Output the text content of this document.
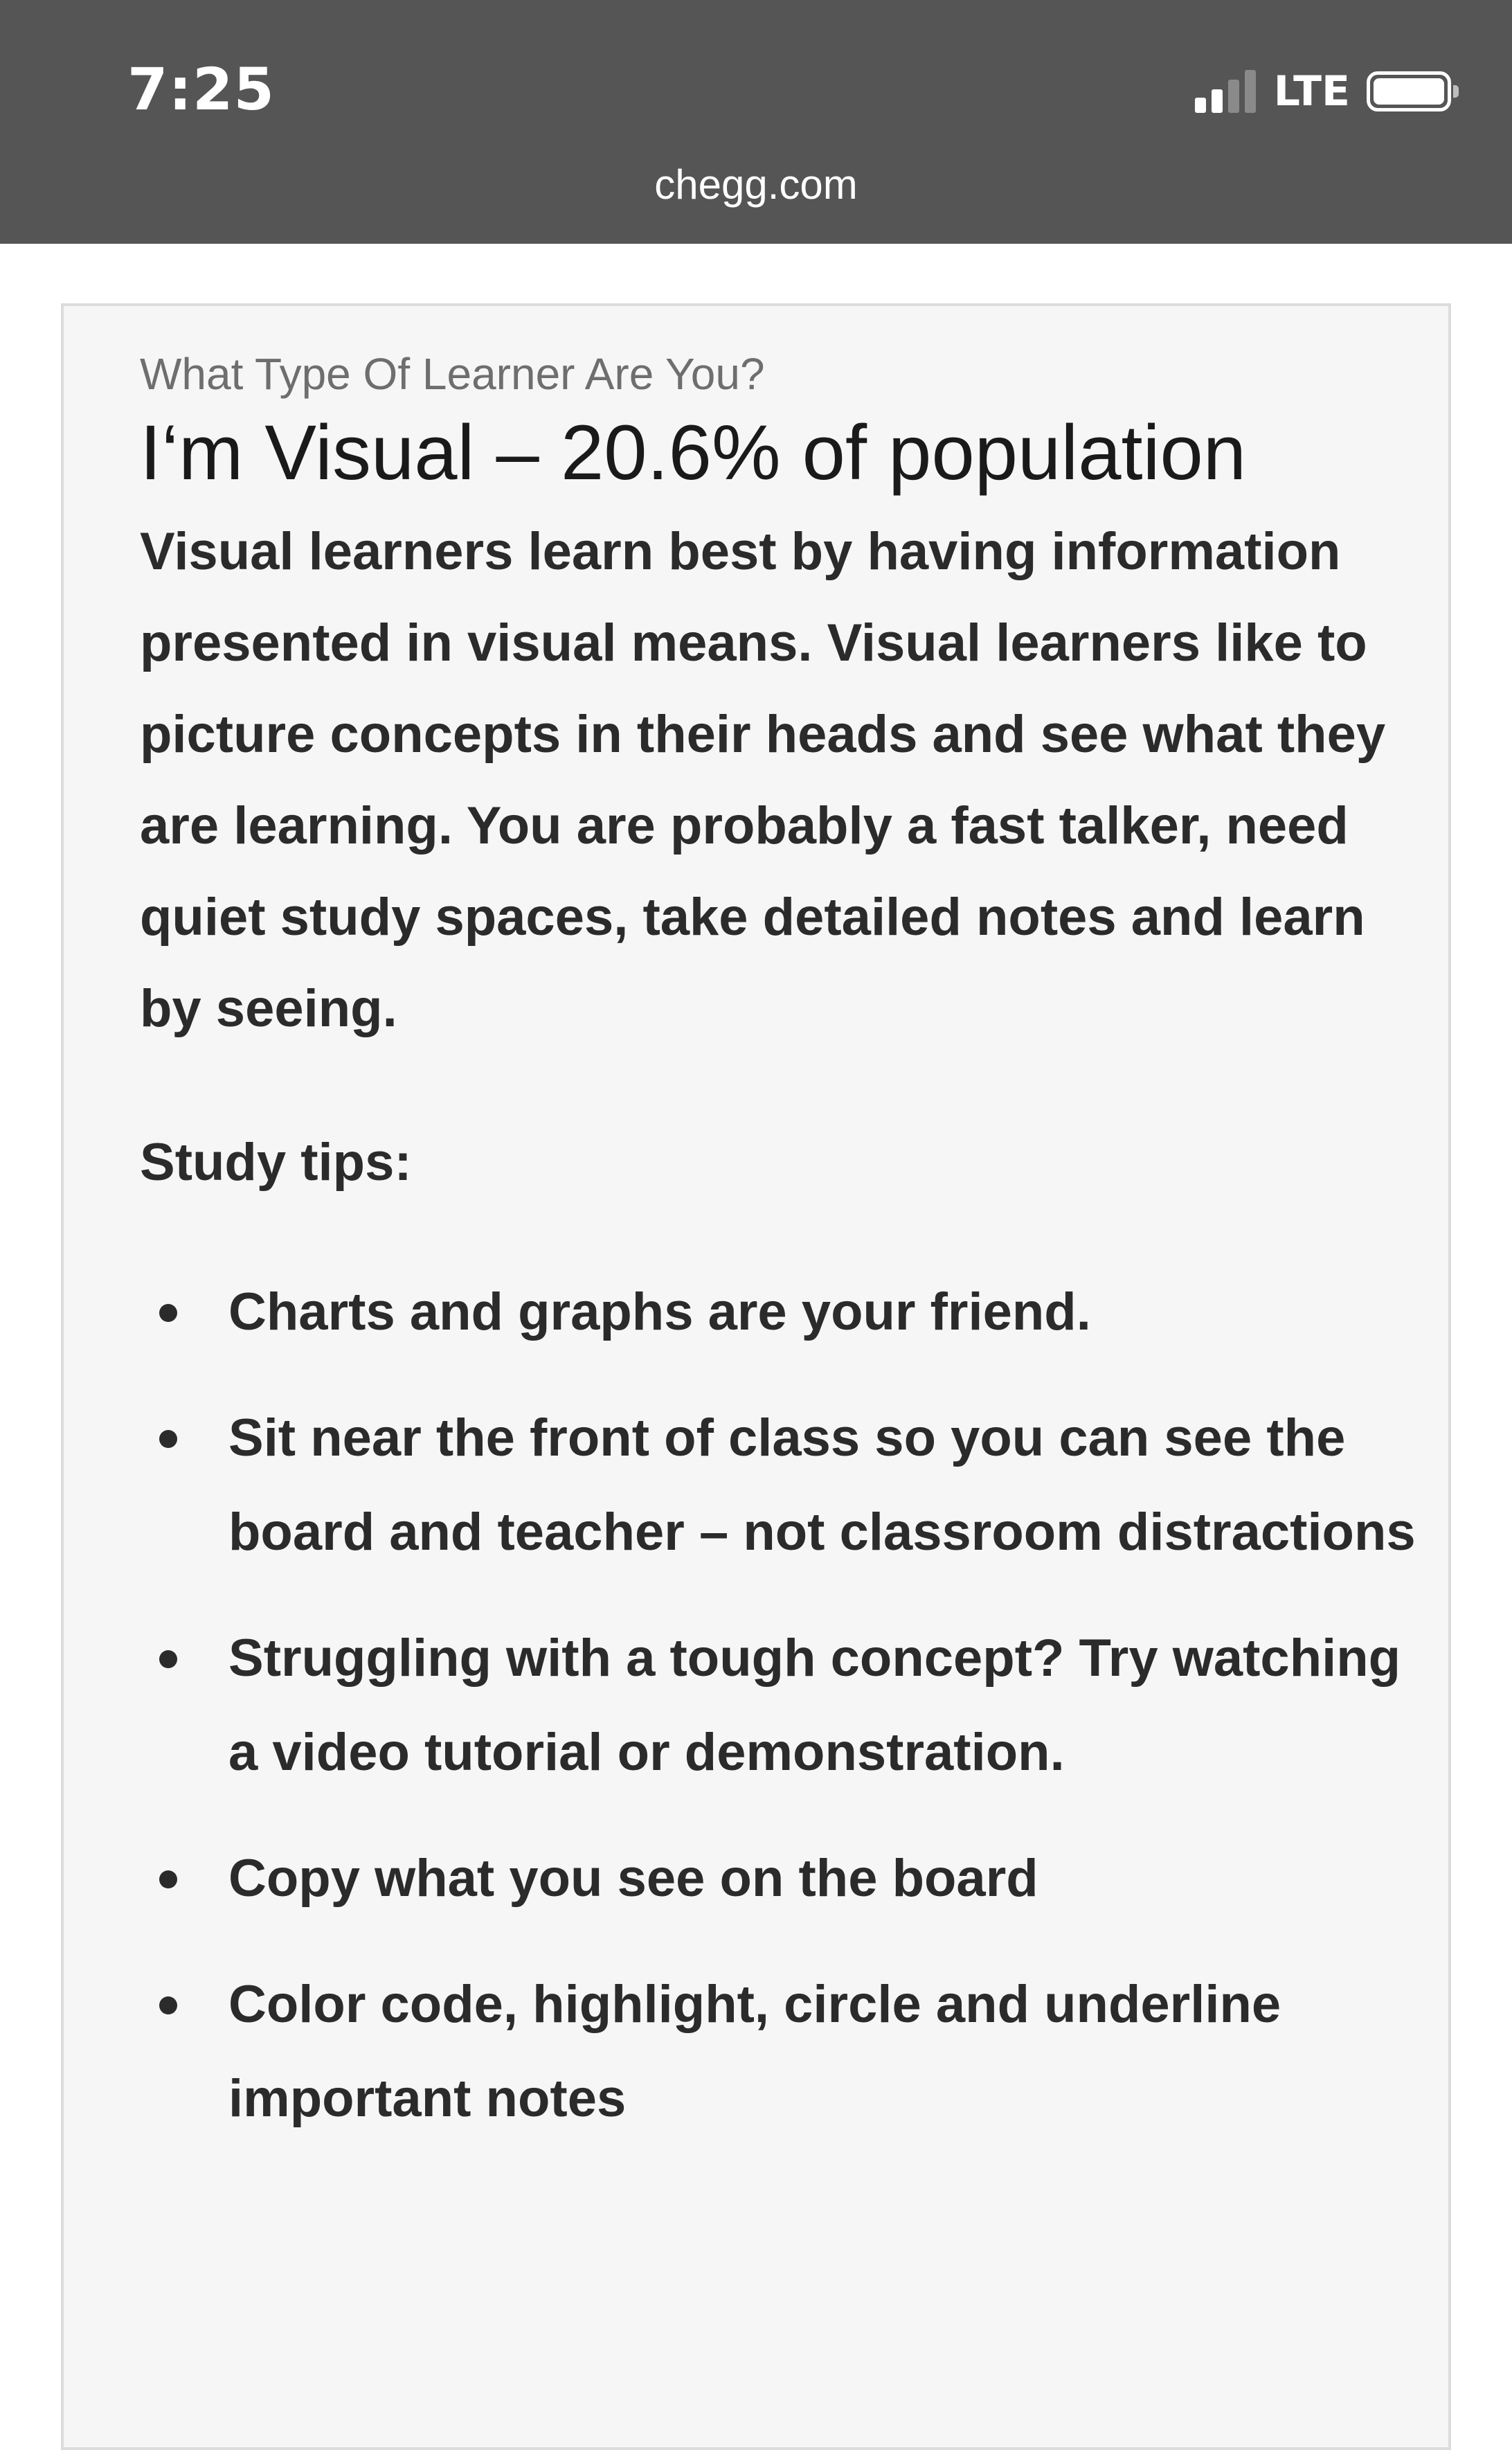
7:25	LTE
chegg.com

What Type Of Learner Are You?

I‘m Visual – 20.6% of population

Visual learners learn best by having information presented in visual means. Visual learners like to picture concepts in their heads and see what they are learning. You are probably a fast talker, need quiet study spaces, take detailed notes and learn by seeing.

Study tips:

Charts and graphs are your friend.
Sit near the front of class so you can see the board and teacher – not classroom distractions
Struggling with a tough concept? Try watching a video tutorial or demonstration.
Copy what you see on the board
Color code, highlight, circle and underline important notes
